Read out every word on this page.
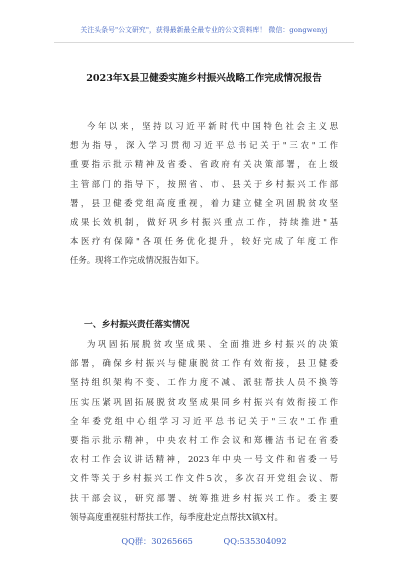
关注头条号"公文研究"，获得最新最全最专业的公文资料库！ 微信：gongwenyj
2023年X县卫健委实施乡村振兴战略工作完成情况报告
今年以来，坚持以习近平新时代中国特色社会主义思
想为指导，深入学习贯彻习近平总书记关于"三农"工作
重要指示批示精神及省委、省政府有关决策部署，在上级
主管部门的指导下，按照省、市、县关于乡村振兴工作部
署，县卫健委党组高度重视，着力建立健全巩固脱贫攻坚
成果长效机制，做好巩乡村振兴重点工作，持续推进"基
本医疗有保障"各项任务优化提升，较好完成了年度工作
任务。现将工作完成情况报告如下。
一、乡村振兴责任落实情况
为巩固拓展脱贫攻坚成果、全面推进乡村振兴的决策
部署，确保乡村振兴与健康脱贫工作有效衔接，县卫健委
坚持组织架构不变、工作力度不减、派驻帮扶人员不换等
压实压紧巩固拓展脱贫攻坚成果同乡村振兴有效衔接工作
全年委党组中心组学习习近平总书记关于"三农"工作重
要指示批示精神，中央农村工作会议和郑栅洁书记在省委
农村工作会议讲话精神，2023年中央一号文件和省委一号
文件等关于乡村振兴工作文件5次，多次召开党组会议、帮
扶干部会议，研究部署、统筹推进乡村振兴工作。委主要
领导高度重视驻村帮扶工作，每季度赴定点帮扶X镇X村。
QQ群：30265665	QQ:535304092
